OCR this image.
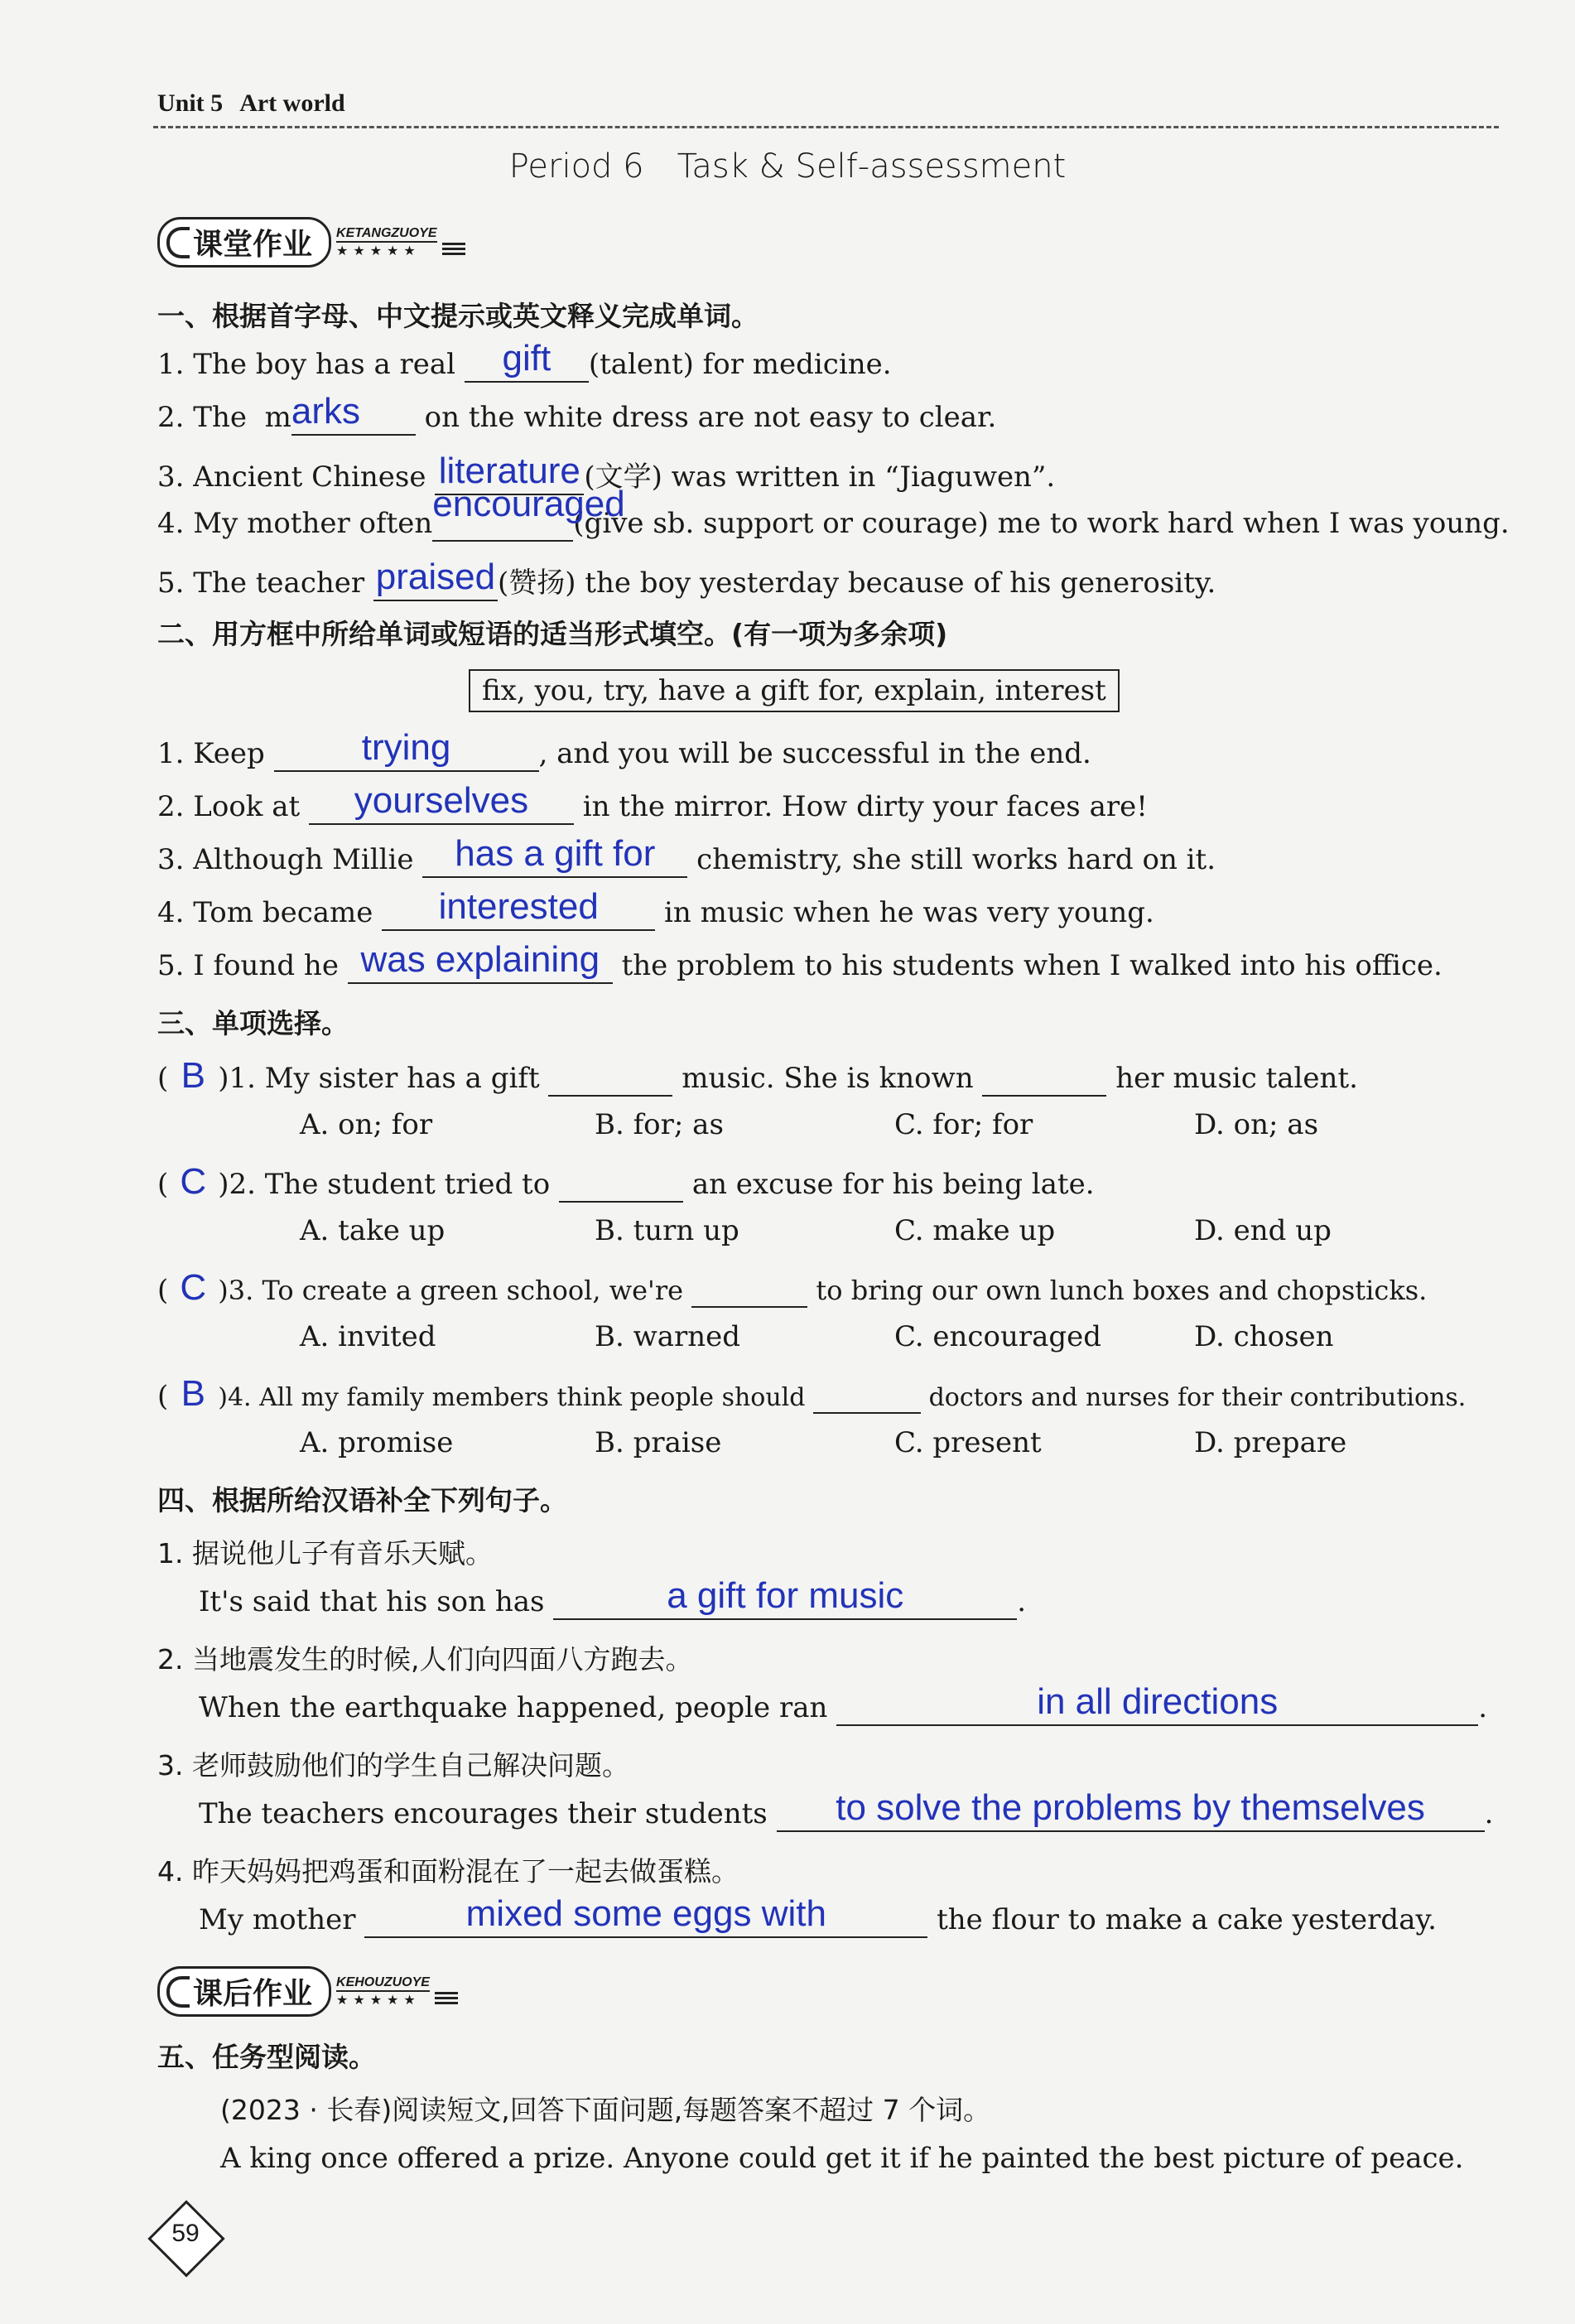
Unit 5 Art world
Period 6 Task & Self-assessment
课堂作业 KETANGZUOYE
★★★★★
一、根据首字母、中文提示或英文释义完成单词。
1. The boy has a real	gift	(talent) for medicine.
2. The m arks	on the white dress are not easy to clear.
3. Ancient Chinese literature (文学) was written in “Jiaguwen”.
4. My mother often encouraged
(give sb. support or courage) me to work hard when I was young.
5. The teacher praised (赞扬) the boy yesterday because of his generosity.
二、用方框中所给单词或短语的适当形式填空。(有一项为多余项)
fix, you, try, have a gift for, explain, interest
1. Keep	trying	, and you will be successful in the end.
2. Look at	yourselves	in the mirror. How dirty your faces are!
3. Although Millie	has a gift for	chemistry, she still works hard on it.
4. Tom became	interested	in music when he was very young.
5. I found he was explaining the problem to his students when I walked into his office.
三、单项选择。
( B )1. My sister has a gift	music. She is known	her music talent.
A. on; for	B. for; as	C. for; for	D. on; as
( C )2. The student tried to	an excuse for his being late.
A. take up	B. turn up	C. make up	D. end up
( C )3. To create a green school, we're	to bring our own lunch boxes and chopsticks.
A. invited	B. warned	C. encouraged	D. chosen
( B )4. All my family members think people should	doctors and nurses for their contributions.
A. promise	B. praise	C. present	D. prepare
四、根据所给汉语补全下列句子。
1. 据说他儿子有音乐天赋。
It's said that his son has	a gift for music	.
2. 当地震发生的时候,人们向四面八方跑去。
When the earthquake happened, people ran	in all directions	.
3. 老师鼓励他们的学生自己解决问题。
The teachers encourages their students	to solve the problems by themselves	.
4. 昨天妈妈把鸡蛋和面粉混在了一起去做蛋糕。
My mother	mixed some eggs with	the flour to make a cake yesterday.
课后作业 KEHOUZUOYE
★★★★★
五、任务型阅读。
(2023 · 长春)阅读短文,回答下面问题,每题答案不超过 7 个词。
A king once offered a prize. Anyone could get it if he painted the best picture of peace.
59
